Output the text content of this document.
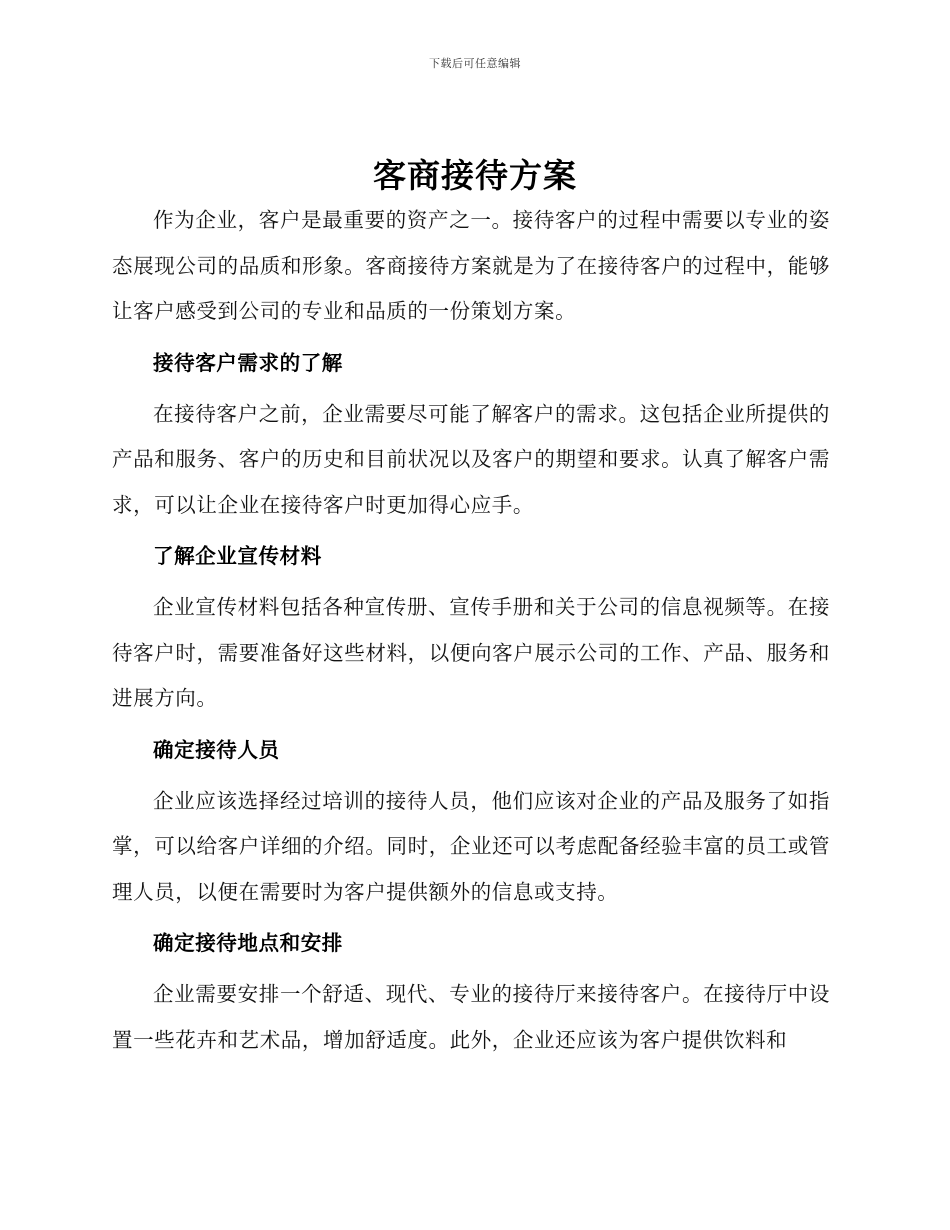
下载后可任意编辑
客商接待方案

作为企业，客户是最重要的资产之一。接待客户的过程中需要以专业的姿态展现公司的品质和形象。客商接待方案就是为了在接待客户的过程中，能够让客户感受到公司的专业和品质的一份策划方案。

接待客户需求的了解

在接待客户之前，企业需要尽可能了解客户的需求。这包括企业所提供的产品和服务、客户的历史和目前状况以及客户的期望和要求。认真了解客户需求，可以让企业在接待客户时更加得心应手。

了解企业宣传材料

企业宣传材料包括各种宣传册、宣传手册和关于公司的信息视频等。在接待客户时，需要准备好这些材料，以便向客户展示公司的工作、产品、服务和进展方向。

确定接待人员

企业应该选择经过培训的接待人员，他们应该对企业的产品及服务了如指掌，可以给客户详细的介绍。同时，企业还可以考虑配备经验丰富的员工或管理人员，以便在需要时为客户提供额外的信息或支持。

确定接待地点和安排

企业需要安排一个舒适、现代、专业的接待厅来接待客户。在接待厅中设置一些花卉和艺术品，增加舒适度。此外，企业还应该为客户提供饮料和
